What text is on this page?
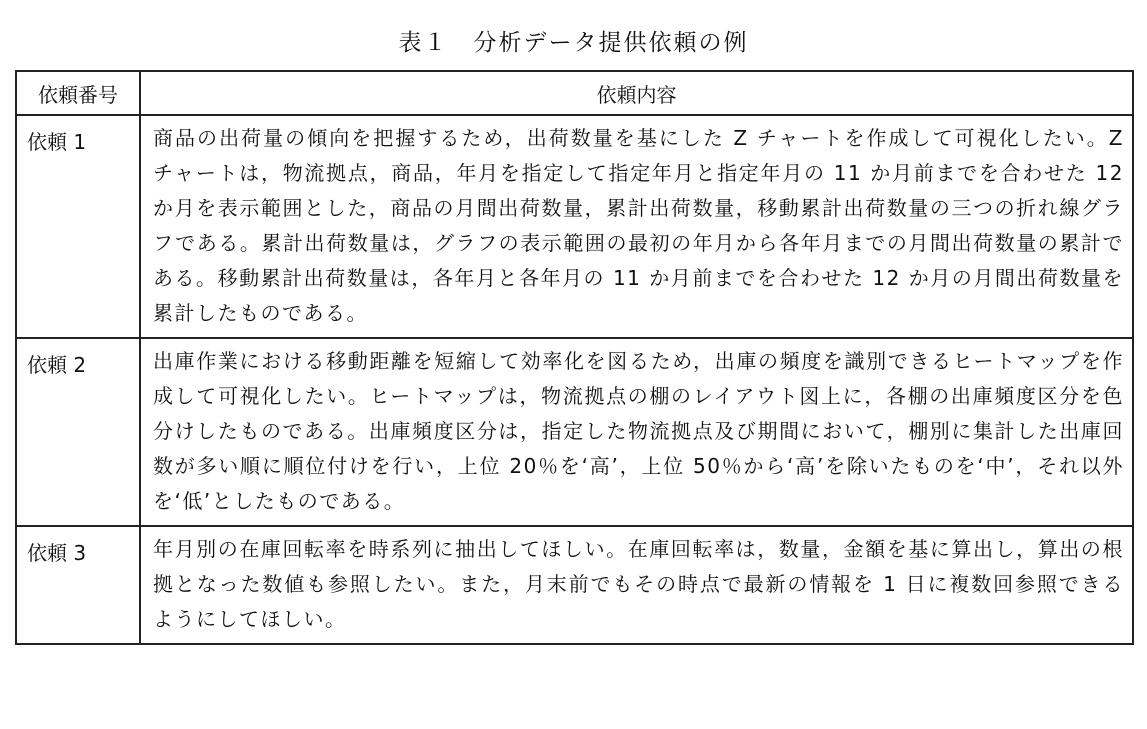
表１　分析データ提供依頼の例
依頼番号	依頼内容
依頼 1	商品の出荷量の傾向を把握するため，出荷数量を基にした Z チャートを作成して可視化したい。Z チャートは，物流拠点，商品，年月を指定して指定年月と指定年月の 11 か月前までを合わせた 12 か月を表示範囲とした，商品の月間出荷数量，累計出荷数量，移動累計出荷数量の三つの折れ線グラフである。累計出荷数量は，グラフの表示範囲の最初の年月から各年月までの月間出荷数量の累計である。移動累計出荷数量は，各年月と各年月の 11 か月前までを合わせた 12 か月の月間出荷数量を累計したものである。
依頼 2	出庫作業における移動距離を短縮して効率化を図るため，出庫の頻度を識別できるヒートマップを作成して可視化したい。ヒートマップは，物流拠点の棚のレイアウト図上に，各棚の出庫頻度区分を色分けしたものである。出庫頻度区分は，指定した物流拠点及び期間において，棚別に集計した出庫回数が多い順に順位付けを行い，上位 20％を‘高’，上位 50％から‘高’を除いたものを‘中’，それ以外を‘低’としたものである。
依頼 3	年月別の在庫回転率を時系列に抽出してほしい。在庫回転率は，数量，金額を基に算出し，算出の根拠となった数値も参照したい。また，月末前でもその時点で最新の情報を 1 日に複数回参照できるようにしてほしい。
